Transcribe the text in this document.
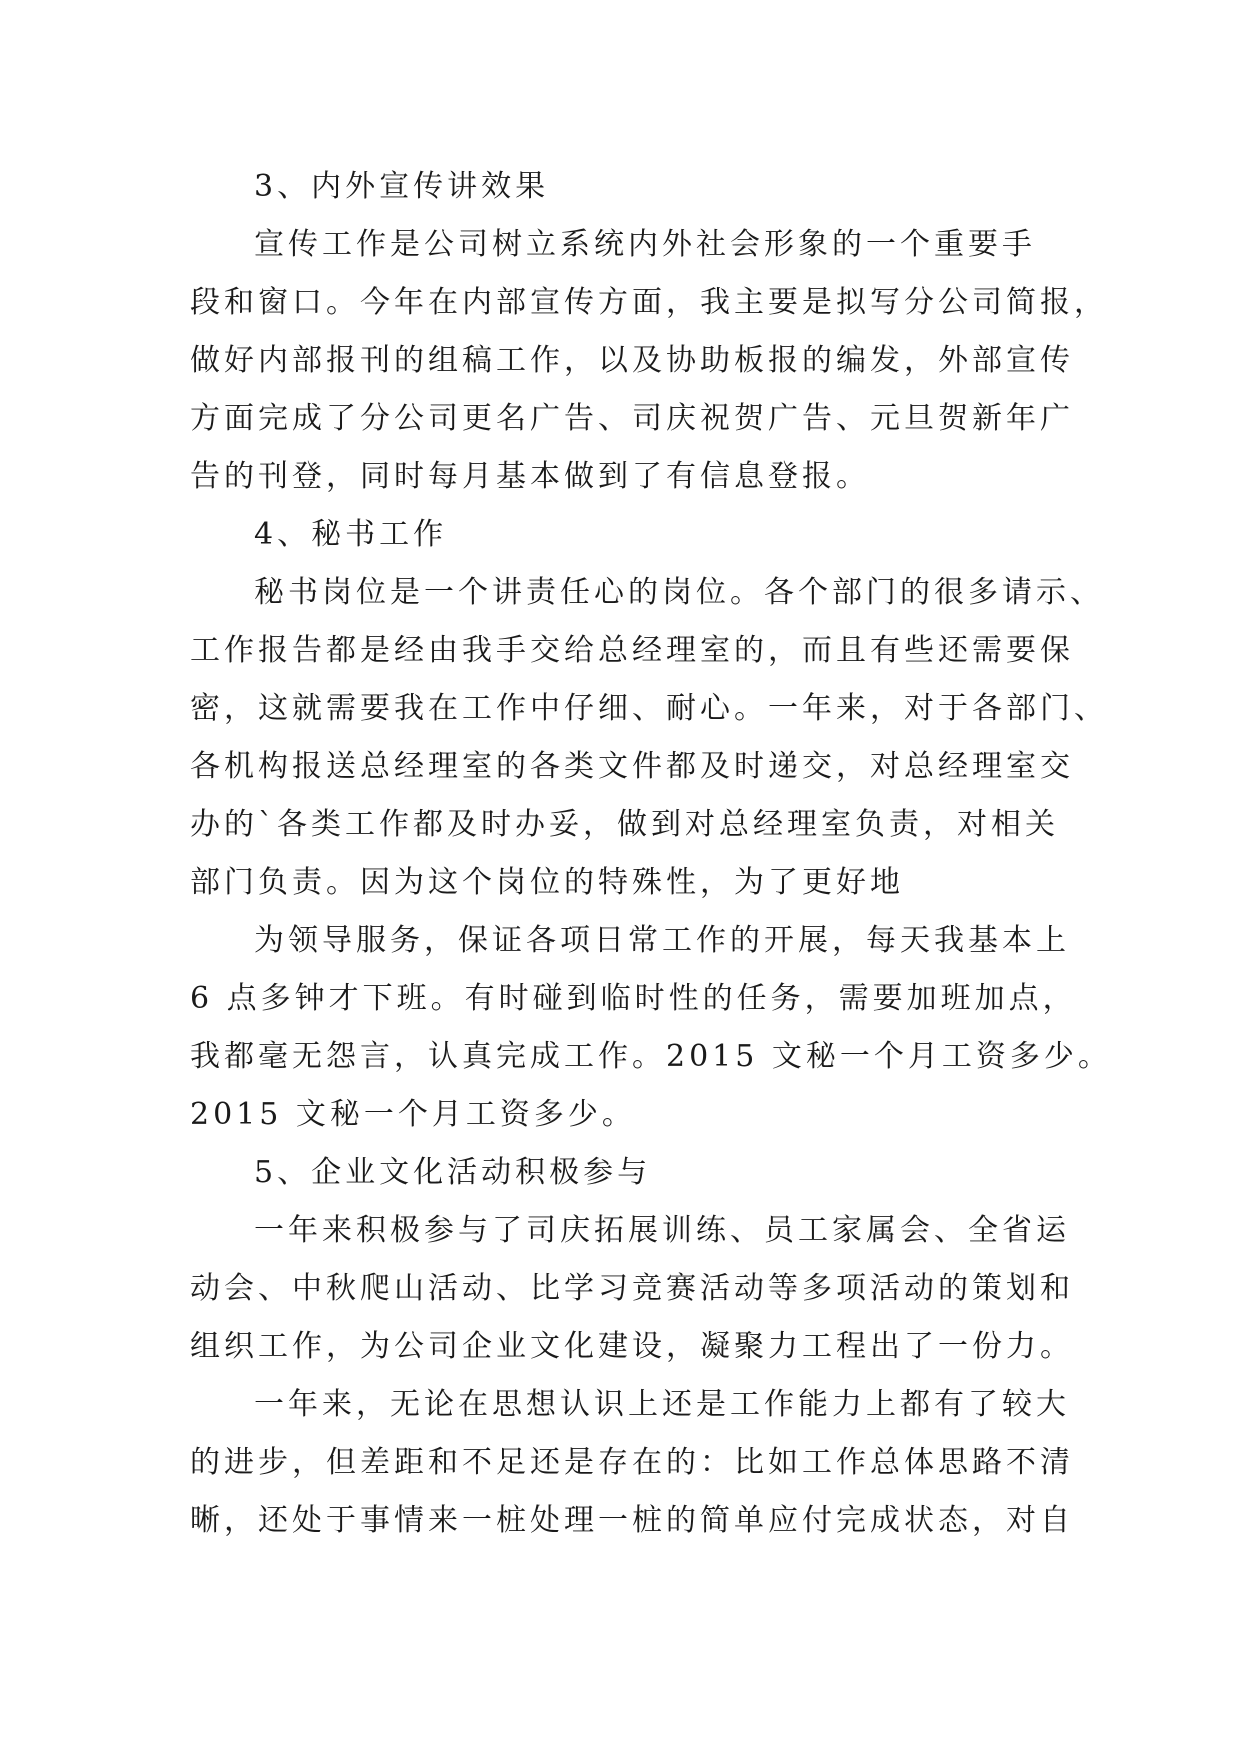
3、内外宣传讲效果
宣传工作是公司树立系统内外社会形象的一个重要手
段和窗口。今年在内部宣传方面，我主要是拟写分公司简报，
做好内部报刊的组稿工作，以及协助板报的编发，外部宣传
方面完成了分公司更名广告、司庆祝贺广告、元旦贺新年广
告的刊登，同时每月基本做到了有信息登报。
4、秘书工作
秘书岗位是一个讲责任心的岗位。各个部门的很多请示、
工作报告都是经由我手交给总经理室的，而且有些还需要保
密，这就需要我在工作中仔细、耐心。一年来，对于各部门、
各机构报送总经理室的各类文件都及时递交，对总经理室交
办的`各类工作都及时办妥，做到对总经理室负责，对相关
部门负责。因为这个岗位的特殊性，为了更好地
为领导服务，保证各项日常工作的开展，每天我基本上
6 点多钟才下班。有时碰到临时性的任务，需要加班加点，
我都毫无怨言，认真完成工作。2015 文秘一个月工资多少。
2015 文秘一个月工资多少。
5、企业文化活动积极参与
一年来积极参与了司庆拓展训练、员工家属会、全省运
动会、中秋爬山活动、比学习竞赛活动等多项活动的策划和
组织工作，为公司企业文化建设，凝聚力工程出了一份力。
一年来，无论在思想认识上还是工作能力上都有了较大
的进步，但差距和不足还是存在的：比如工作总体思路不清
晰，还处于事情来一桩处理一桩的简单应付完成状态，对自
